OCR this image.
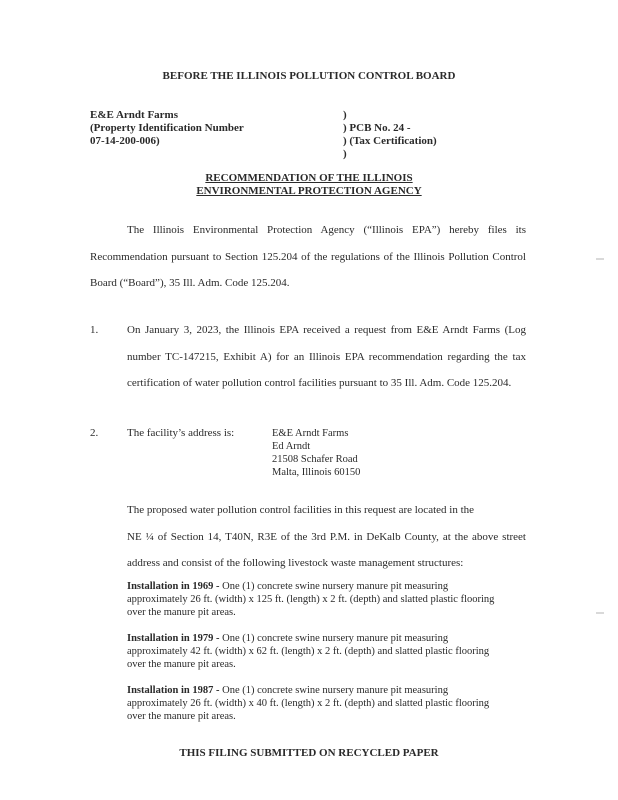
BEFORE THE ILLINOIS POLLUTION CONTROL BOARD
E&E Arndt Farms
(Property Identification Number
07-14-200-006)
)
) PCB No. 24 -
) (Tax Certification)
)
RECOMMENDATION OF THE ILLINOIS
ENVIRONMENTAL PROTECTION AGENCY
The Illinois Environmental Protection Agency (“Illinois EPA”) hereby files its
Recommendation pursuant to Section 125.204 of the regulations of the Illinois Pollution Control
Board (“Board”), 35 Ill. Adm. Code 125.204.
1.	On January 3, 2023, the Illinois EPA received a request from E&E Arndt Farms (Log
number TC-147215, Exhibit A) for an Illinois EPA recommendation regarding the tax
certification of water pollution control facilities pursuant to 35 Ill. Adm. Code 125.204.
2.	The facility’s address is:	E&E Arndt Farms
Ed Arndt
21508 Schafer Road
Malta, Illinois 60150
The proposed water pollution control facilities in this request are located in the
NE ¼ of Section 14, T40N, R3E of the 3rd P.M. in DeKalb County, at the above street
address and consist of the following livestock waste management structures:
Installation in 1969 - One (1) concrete swine nursery manure pit measuring
approximately 26 ft. (width) x 125 ft. (length) x 2 ft. (depth) and slatted plastic flooring
over the manure pit areas.
Installation in 1979 - One (1) concrete swine nursery manure pit measuring
approximately 42 ft. (width) x 62 ft. (length) x 2 ft. (depth) and slatted plastic flooring
over the manure pit areas.
Installation in 1987 - One (1) concrete swine nursery manure pit measuring
approximately 26 ft. (width) x 40 ft. (length) x 2 ft. (depth) and slatted plastic flooring
over the manure pit areas.
THIS FILING SUBMITTED ON RECYCLED PAPER
